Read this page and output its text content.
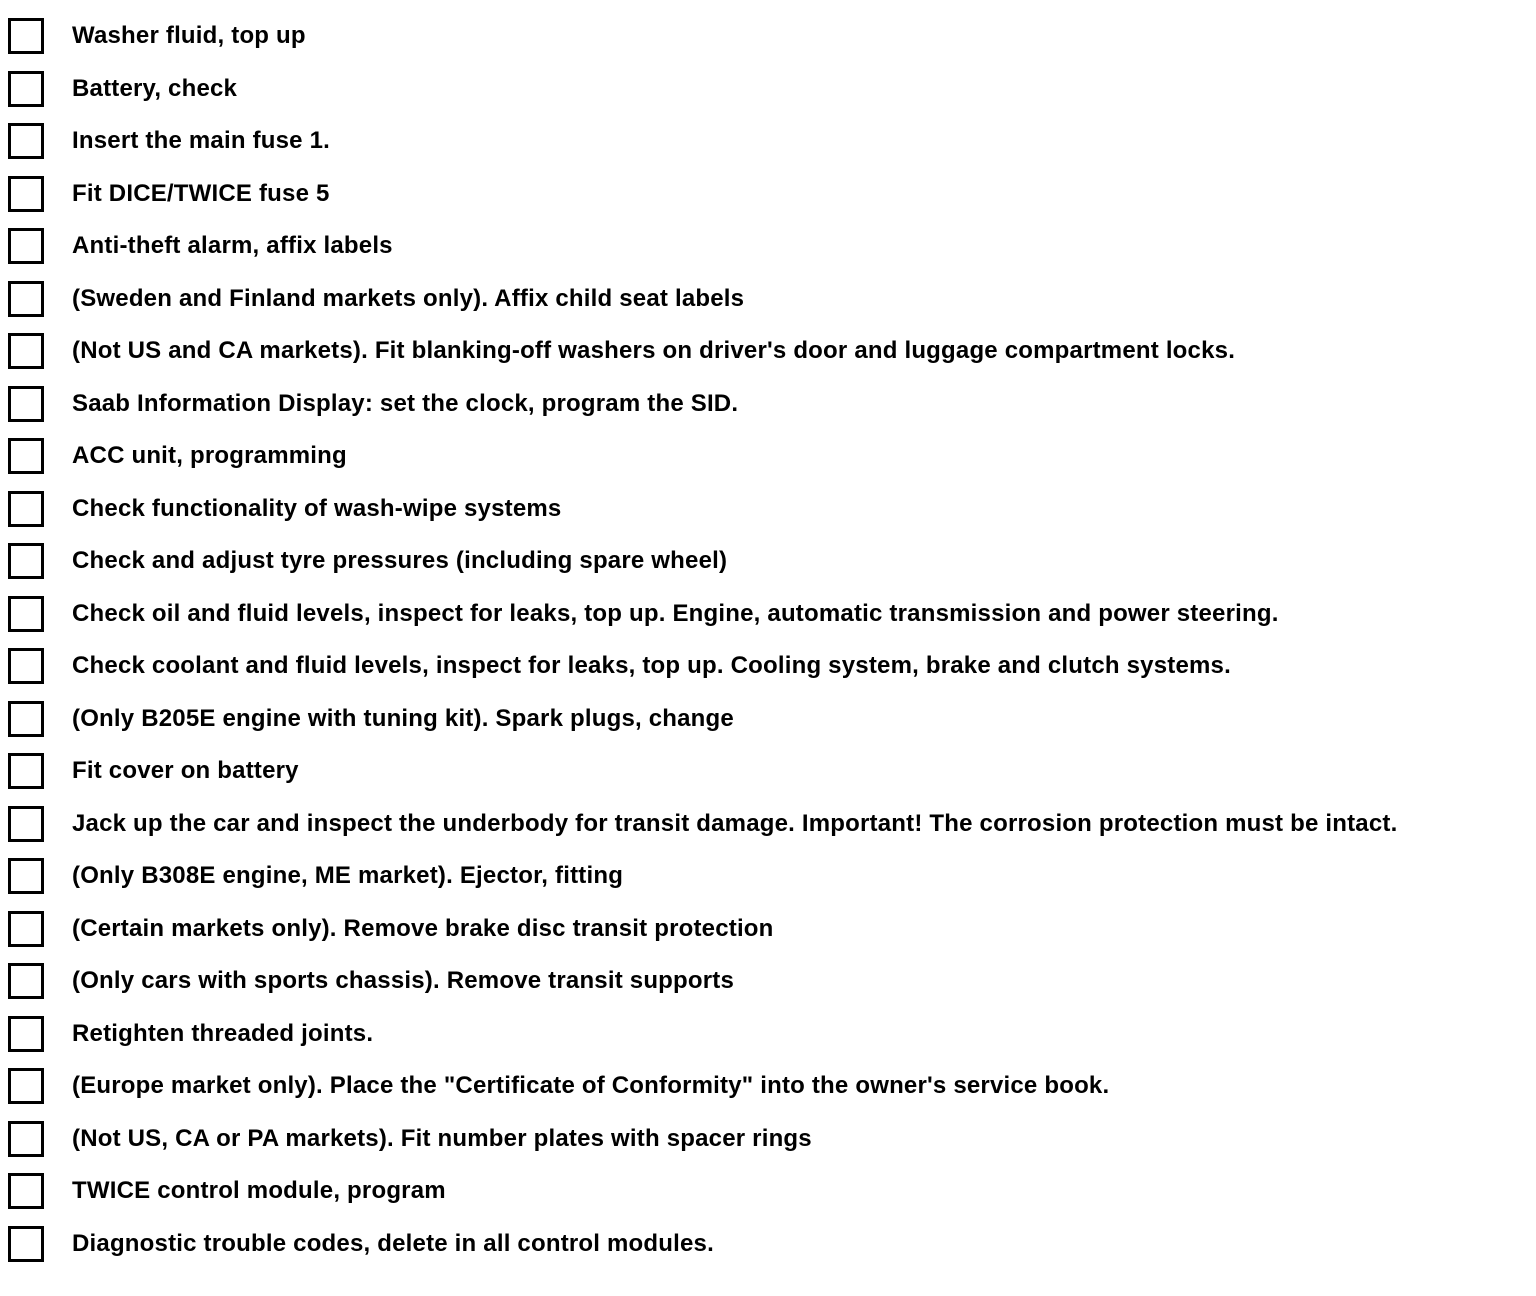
Washer fluid, top up
Battery, check
Insert the main fuse 1.
Fit DICE/TWICE fuse 5
Anti-theft alarm, affix labels
(Sweden and Finland markets only). Affix child seat labels
(Not US and CA markets). Fit blanking-off washers on driver's door and luggage compartment locks.
Saab Information Display: set the clock, program the SID.
ACC unit, programming
Check functionality of wash-wipe systems
Check and adjust tyre pressures (including spare wheel)
Check oil and fluid levels, inspect for leaks, top up. Engine, automatic transmission and power steering.
Check coolant and fluid levels, inspect for leaks, top up. Cooling system, brake and clutch systems.
(Only B205E engine with tuning kit). Spark plugs, change
Fit cover on battery
Jack up the car and inspect the underbody for transit damage. Important! The corrosion protection must be intact.
(Only B308E engine, ME market). Ejector, fitting
(Certain markets only). Remove brake disc transit protection
(Only cars with sports chassis). Remove transit supports
Retighten threaded joints.
(Europe market only). Place the "Certificate of Conformity" into the owner's service book.
(Not US, CA or PA markets). Fit number plates with spacer rings
TWICE control module, program
Diagnostic trouble codes, delete in all control modules.
